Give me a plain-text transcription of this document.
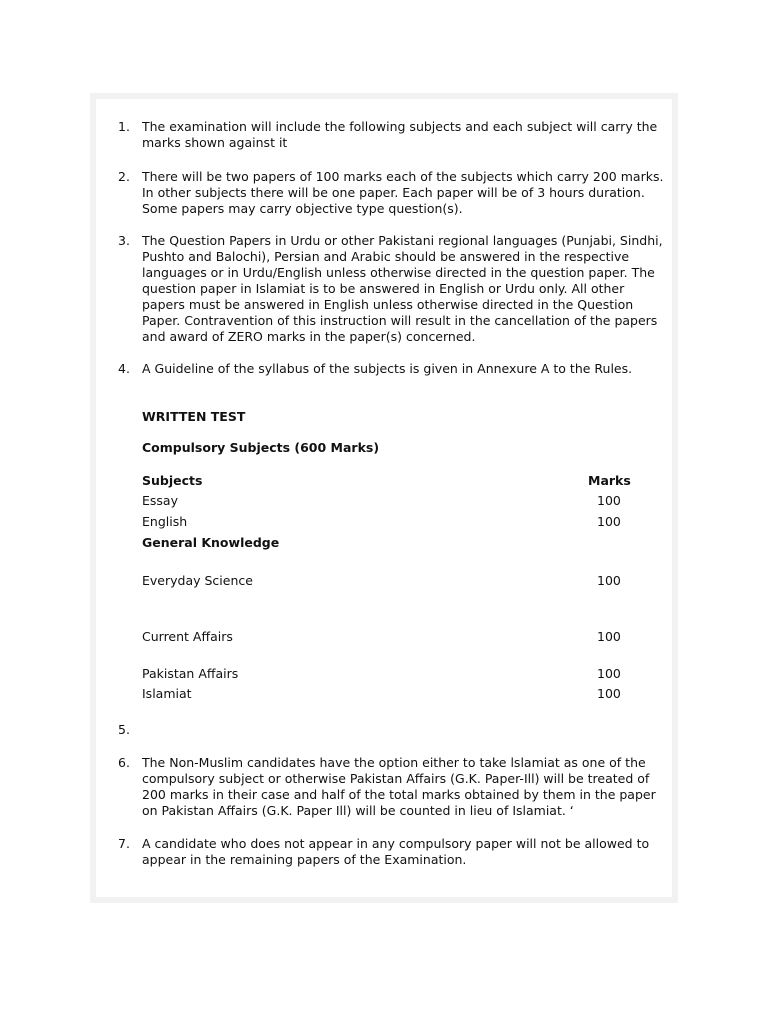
1. The examination will include the following subjects and each subject will carry the
marks shown against it
2. There will be two papers of 100 marks each of the subjects which carry 200 marks.
In other subjects there will be one paper. Each paper will be of 3 hours duration.
Some papers may carry objective type question(s).
3. The Question Papers in Urdu or other Pakistani regional languages (Punjabi, Sindhi,
Pushto and Balochi), Persian and Arabic should be answered in the respective
languages or in Urdu/English unless otherwise directed in the question paper. The
question paper in Islamiat is to be answered in English or Urdu only. All other
papers must be answered in English unless otherwise directed in the Question
Paper. Contravention of this instruction will result in the cancellation of the papers
and award of ZERO marks in the paper(s) concerned.
4. A Guideline of the syllabus of the subjects is given in Annexure A to the Rules.
WRITTEN TEST
Compulsory Subjects (600 Marks)
Subjects	Marks
Essay	100
English	100
General Knowledge
Everyday Science	100
Current Affairs	100
Pakistan Affairs	100
Islamiat	100
5.
6. The Non-Muslim candidates have the option either to take lslamiat as one of the
compulsory subject or otherwise Pakistan Affairs (G.K. Paper-Ill) will be treated of
200 marks in their case and half of the total marks obtained by them in the paper
on Pakistan Affairs (G.K. Paper Ill) will be counted in lieu of Islamiat. ‘
7. A candidate who does not appear in any compulsory paper will not be allowed to
appear in the remaining papers of the Examination.
